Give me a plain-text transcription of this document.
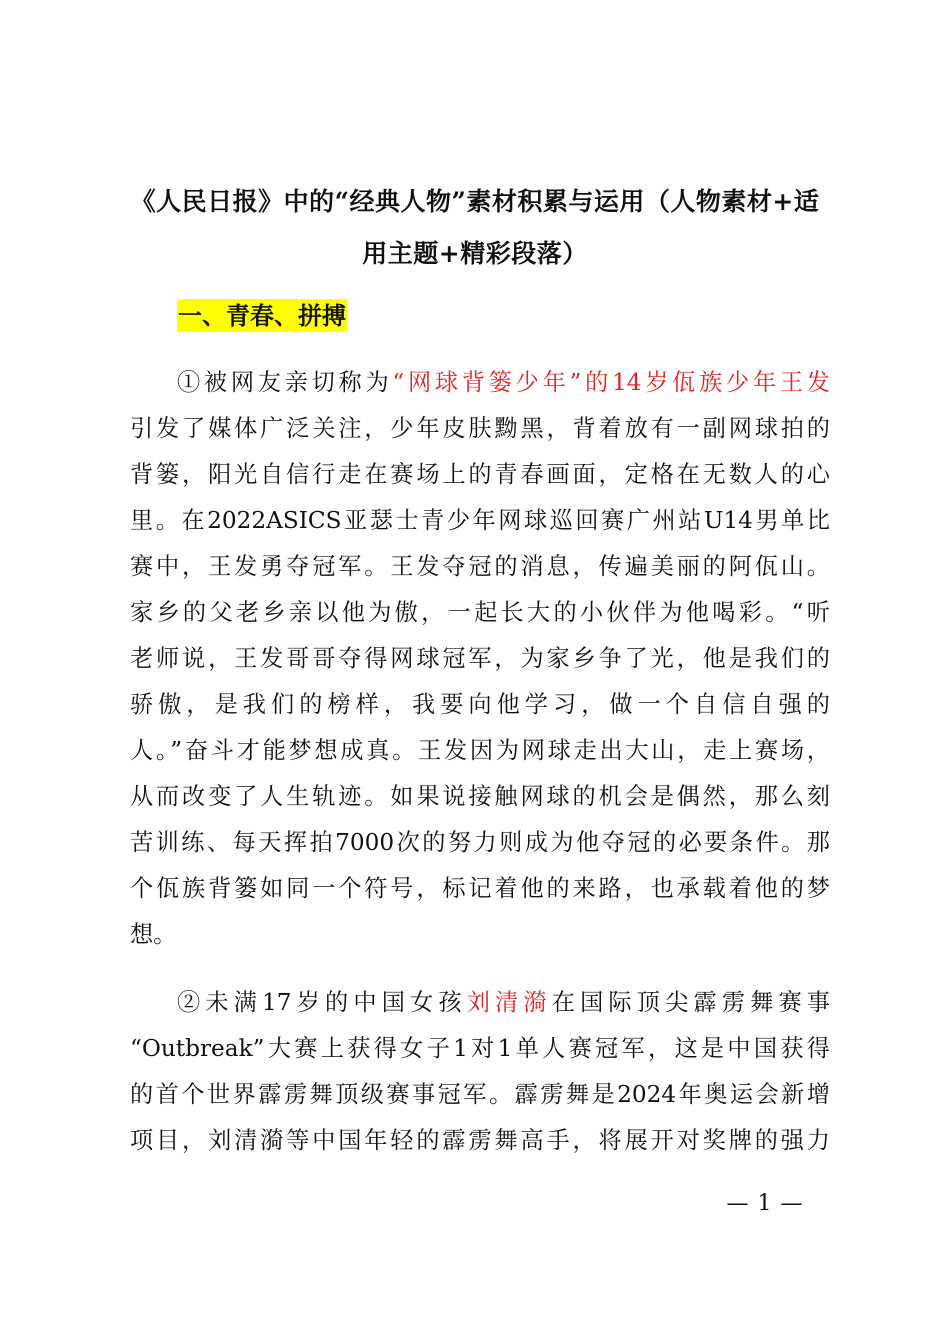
《人民日报》中的“经典人物”素材积累与运用（人物素材+适
用主题+精彩段落）
一、青春、拼搏
①被网友亲切称为“网球背篓少年”的14岁佤族少年王发
引发了媒体广泛关注，少年皮肤黝黑，背着放有一副网球拍的
背篓，阳光自信行走在赛场上的青春画面，定格在无数人的心
里。在2022ASICS亚瑟士青少年网球巡回赛广州站U14男单比
赛中，王发勇夺冠军。王发夺冠的消息，传遍美丽的阿佤山。
家乡的父老乡亲以他为傲，一起长大的小伙伴为他喝彩。“听
老师说，王发哥哥夺得网球冠军，为家乡争了光，他是我们的
骄傲，是我们的榜样，我要向他学习，做一个自信自强的
人。”奋斗才能梦想成真。王发因为网球走出大山，走上赛场，
从而改变了人生轨迹。如果说接触网球的机会是偶然，那么刻
苦训练、每天挥拍7000次的努力则成为他夺冠的必要条件。那
个佤族背篓如同一个符号，标记着他的来路，也承载着他的梦
想。
②未满17岁的中国女孩刘清漪在国际顶尖霹雳舞赛事
“Outbreak”大赛上获得女子1对1单人赛冠军，这是中国获得
的首个世界霹雳舞顶级赛事冠军。霹雳舞是2024年奥运会新增
项目，刘清漪等中国年轻的霹雳舞高手，将展开对奖牌的强力
— 1 —
